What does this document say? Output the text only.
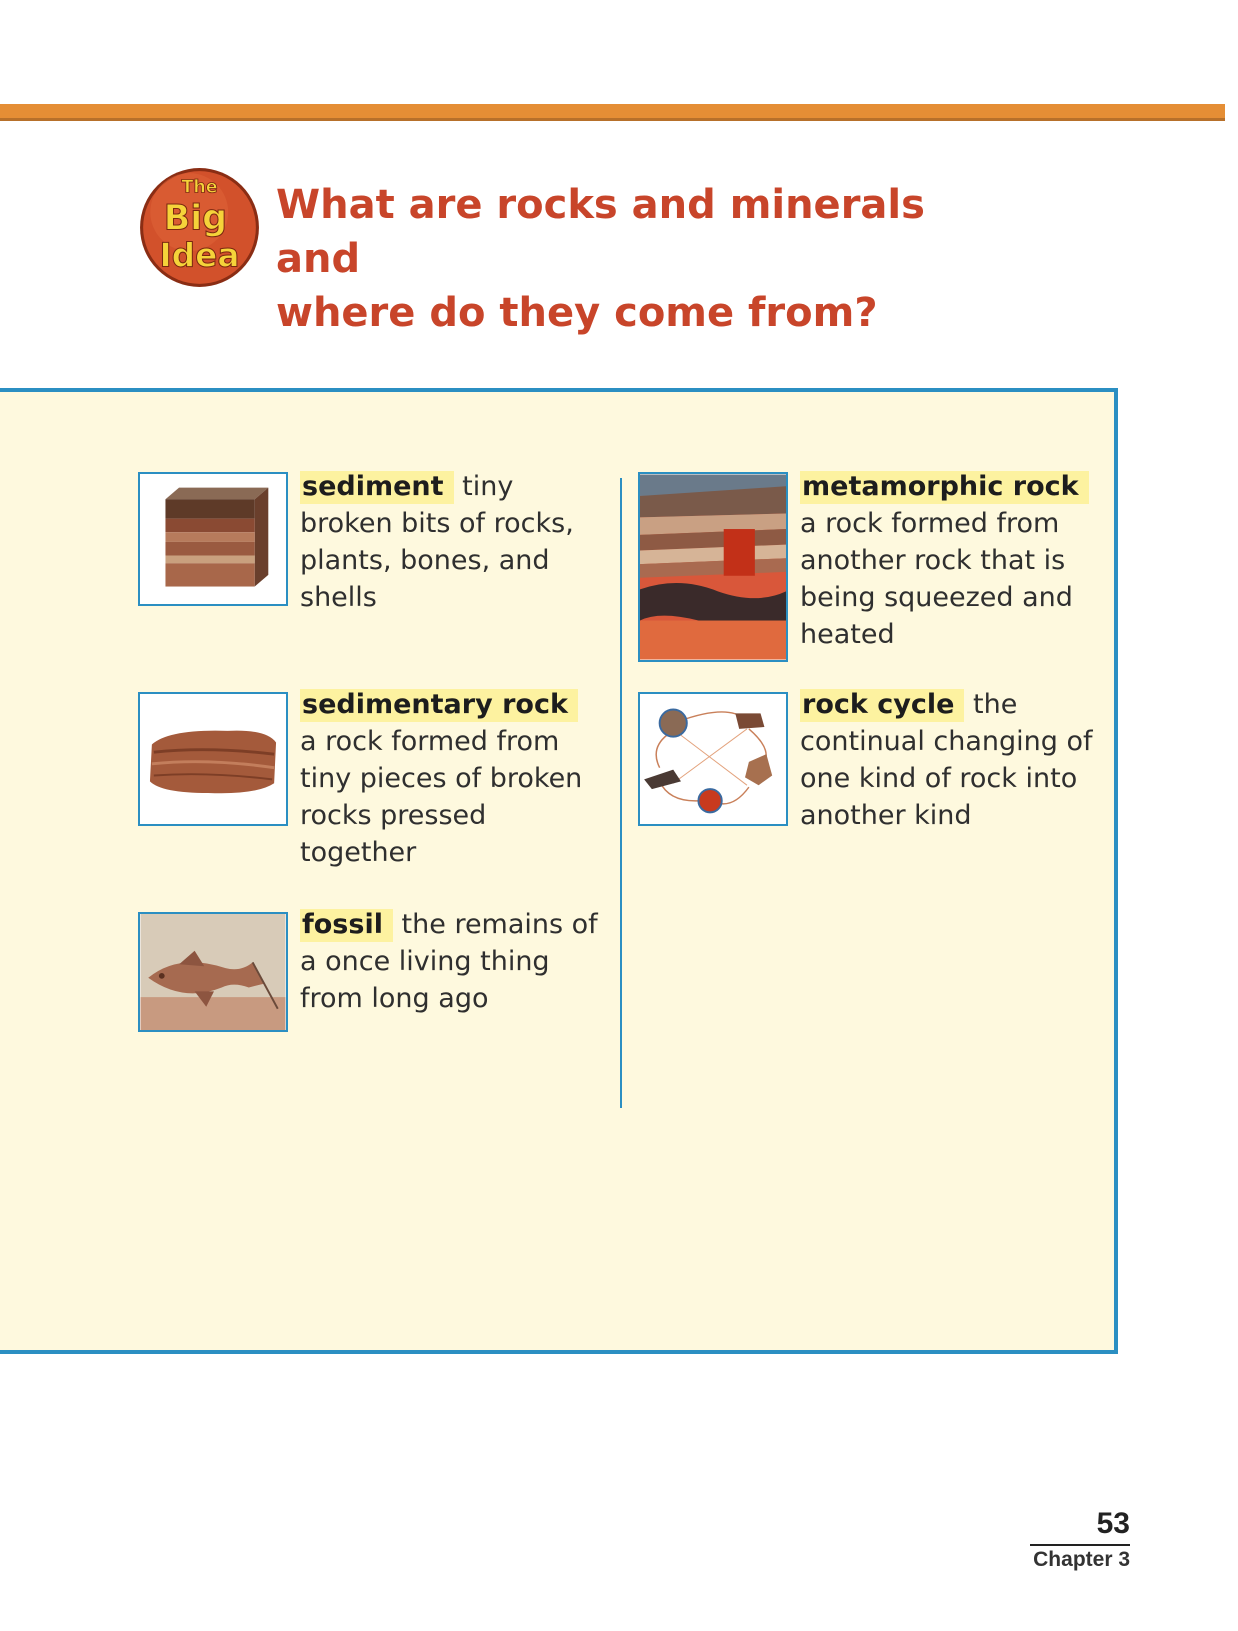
The
Big
Idea
What are rocks and minerals and
where do they come from?
sediment tiny broken bits of rocks, plants, bones, and shells
sedimentary rock a rock formed from tiny pieces of broken rocks pressed together
fossil the remains of a once living thing from long ago
metamorphic rock a rock formed from another rock that is being squeezed and heated
rock cycle the continual changing of one kind of rock into another kind
53
Chapter 3
